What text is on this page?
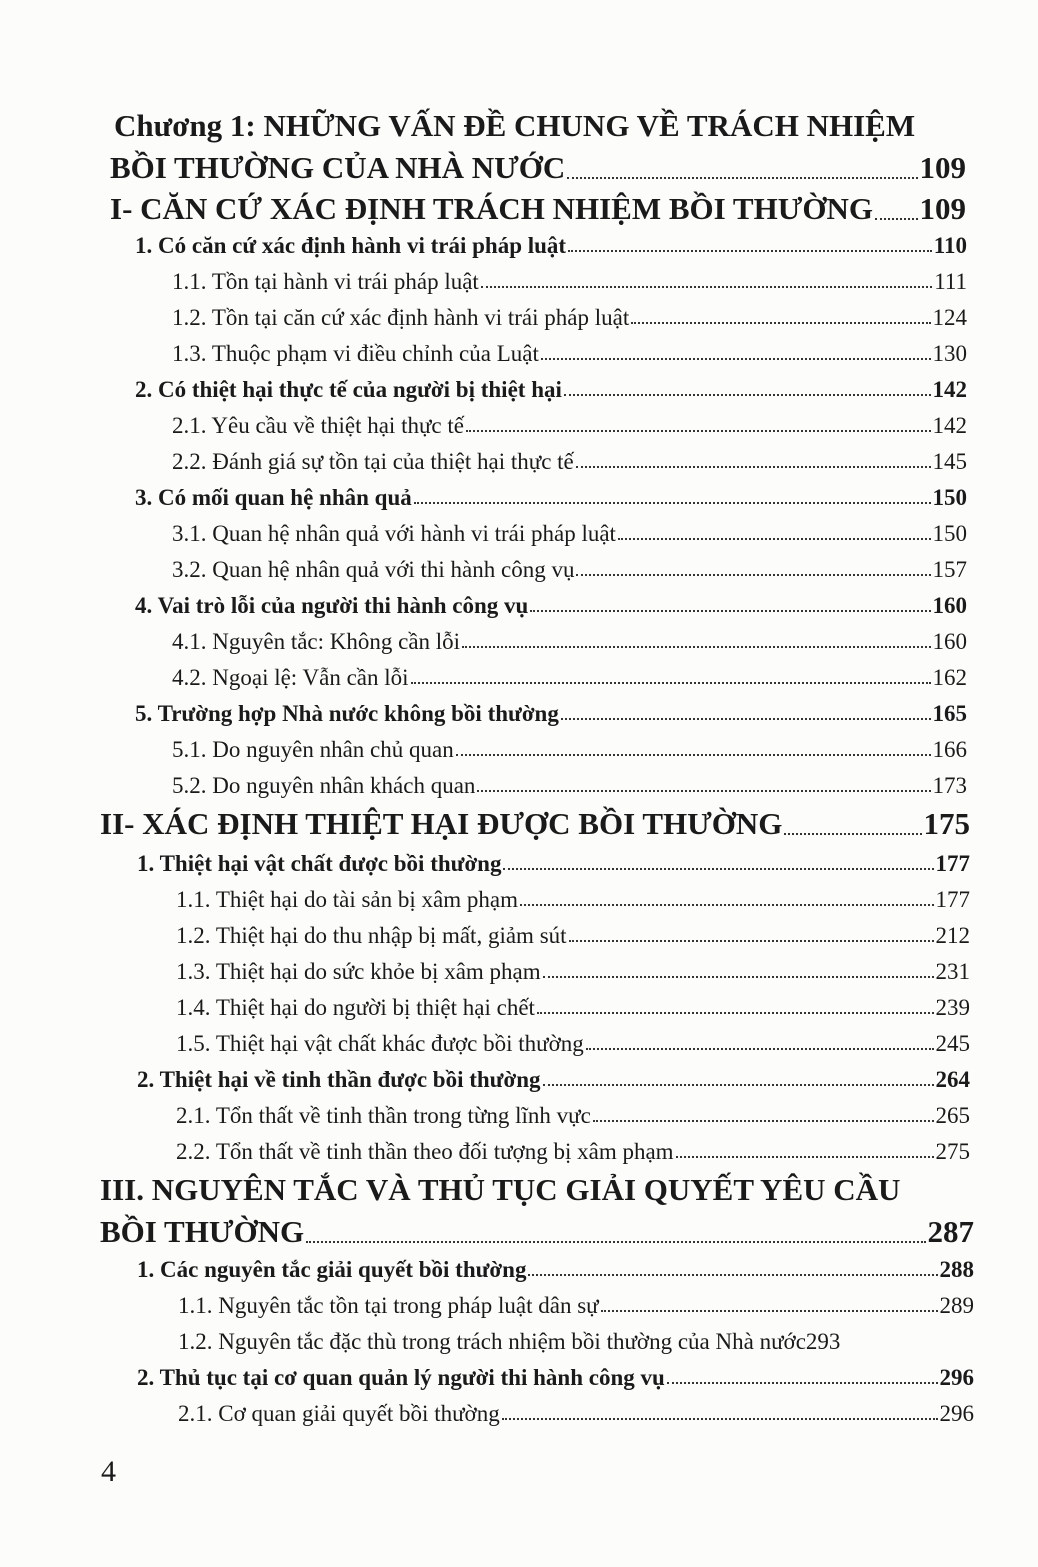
Chương 1: NHỮNG VẤN ĐỀ CHUNG VỀ TRÁCH NHIỆM
BỒI THƯỜNG CỦA NHÀ NƯỚC	109
I- CĂN CỨ XÁC ĐỊNH TRÁCH NHIỆM BỒI THƯỜNG 109
1. Có căn cứ xác định hành vi trái pháp luật	110
1.1. Tồn tại hành vi trái pháp luật	111
1.2. Tồn tại căn cứ xác định hành vi trái pháp luật	124
1.3. Thuộc phạm vi điều chỉnh của Luật	130
2. Có thiệt hại thực tế của người bị thiệt hại	142
2.1. Yêu cầu về thiệt hại thực tế	142
2.2. Đánh giá sự tồn tại của thiệt hại thực tế	145
3. Có mối quan hệ nhân quả	150
3.1. Quan hệ nhân quả với hành vi trái pháp luật	150
3.2. Quan hệ nhân quả với thi hành công vụ	157
4. Vai trò lỗi của người thi hành công vụ	160
4.1. Nguyên tắc: Không cần lỗi	160
4.2. Ngoại lệ: Vẫn cần lỗi	162
5. Trường hợp Nhà nước không bồi thường	165
5.1. Do nguyên nhân chủ quan	166
5.2. Do nguyên nhân khách quan	173
II- XÁC ĐỊNH THIỆT HẠI ĐƯỢC BỒI THƯỜNG	175
1. Thiệt hại vật chất được bồi thường	177
1.1. Thiệt hại do tài sản bị xâm phạm	177
1.2. Thiệt hại do thu nhập bị mất, giảm sút	212
1.3. Thiệt hại do sức khỏe bị xâm phạm	231
1.4. Thiệt hại do người bị thiệt hại chết	239
1.5. Thiệt hại vật chất khác được bồi thường	245
2. Thiệt hại về tinh thần được bồi thường	264
2.1. Tổn thất về tinh thần trong từng lĩnh vực	265
2.2. Tổn thất về tinh thần theo đối tượng bị xâm phạm	275
III. NGUYÊN TẮC VÀ THỦ TỤC GIẢI QUYẾT YÊU CẦU
BỒI THƯỜNG	287
1. Các nguyên tắc giải quyết bồi thường	288
1.1. Nguyên tắc tồn tại trong pháp luật dân sự	289
1.2. Nguyên tắc đặc thù trong trách nhiệm bồi thường của Nhà nước 293
2. Thủ tục tại cơ quan quản lý người thi hành công vụ	296
2.1. Cơ quan giải quyết bồi thường	296
4
